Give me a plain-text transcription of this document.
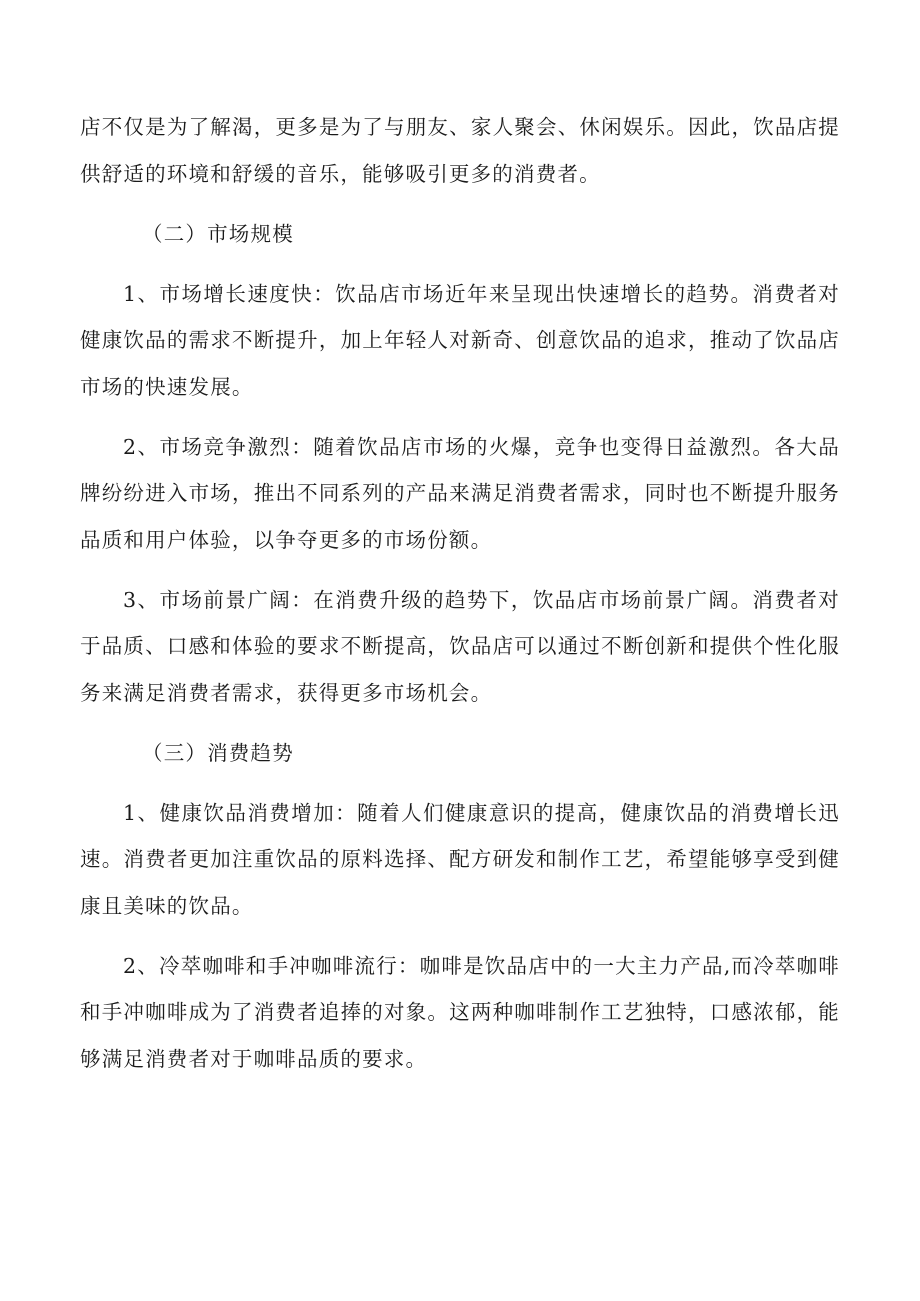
店不仅是为了解渴，更多是为了与朋友、家人聚会、休闲娱乐。因此，饮品店提供舒适的环境和舒缓的音乐，能够吸引更多的消费者。

（二）市场规模

1、市场增长速度快：饮品店市场近年来呈现出快速增长的趋势。消费者对健康饮品的需求不断提升，加上年轻人对新奇、创意饮品的追求，推动了饮品店市场的快速发展。

2、市场竞争激烈：随着饮品店市场的火爆，竞争也变得日益激烈。各大品牌纷纷进入市场，推出不同系列的产品来满足消费者需求，同时也不断提升服务品质和用户体验，以争夺更多的市场份额。

3、市场前景广阔：在消费升级的趋势下，饮品店市场前景广阔。消费者对于品质、口感和体验的要求不断提高，饮品店可以通过不断创新和提供个性化服务来满足消费者需求，获得更多市场机会。

（三）消费趋势

1、健康饮品消费增加：随着人们健康意识的提高，健康饮品的消费增长迅速。消费者更加注重饮品的原料选择、配方研发和制作工艺，希望能够享受到健康且美味的饮品。

2、冷萃咖啡和手冲咖啡流行：咖啡是饮品店中的一大主力产品,而冷萃咖啡和手冲咖啡成为了消费者追捧的对象。这两种咖啡制作工艺独特，口感浓郁，能够满足消费者对于咖啡品质的要求。
